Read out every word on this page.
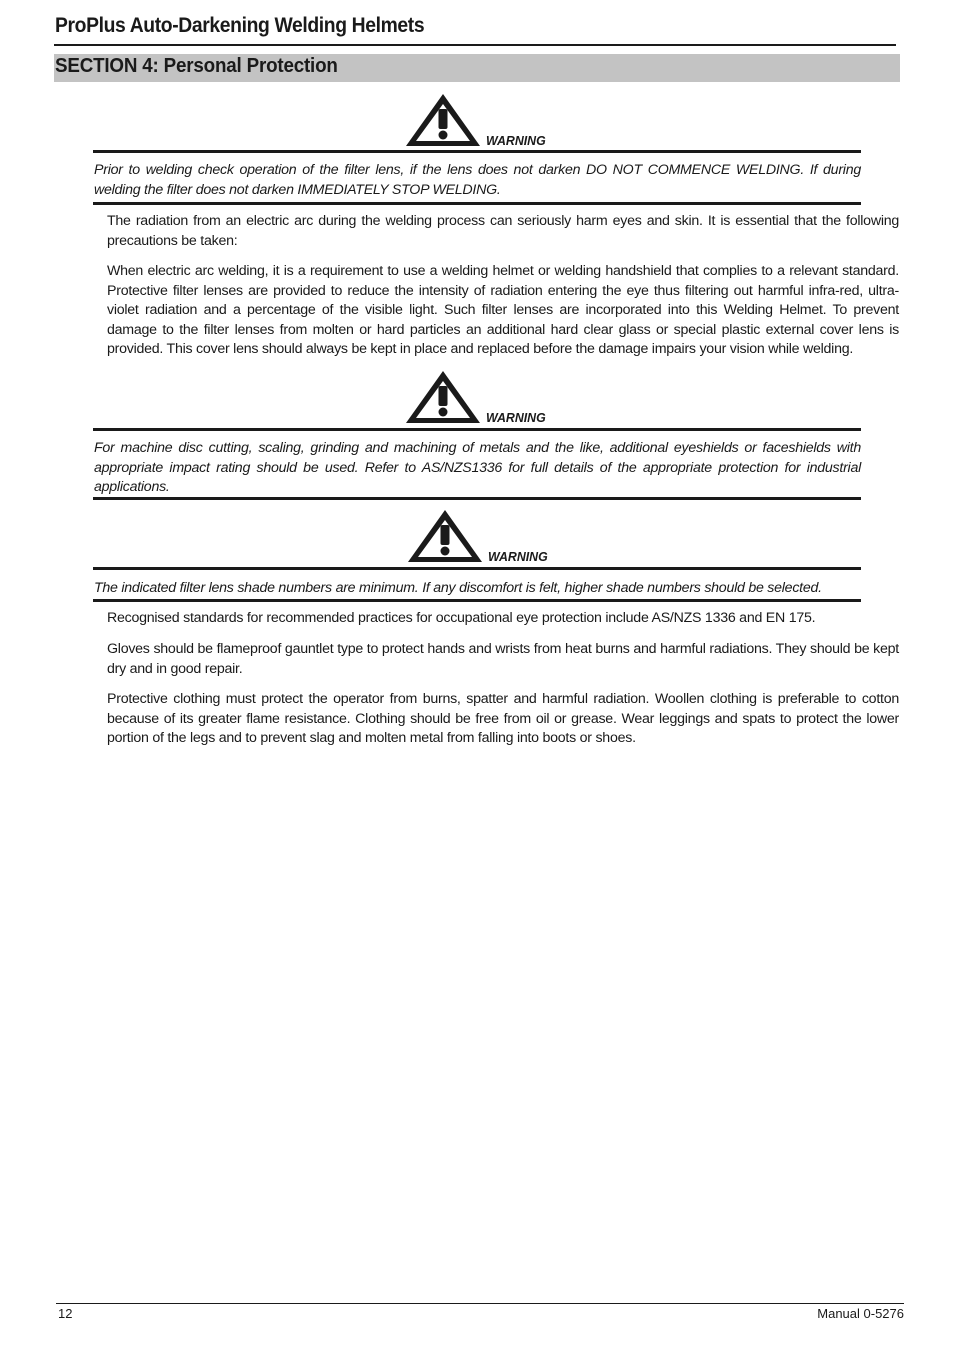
ProPlus Auto-Darkening Welding Helmets
SECTION 4: Personal Protection
WARNING
Prior to welding check operation of the filter lens, if the lens does not darken DO NOT COMMENCE WELDING. If during welding the filter does not darken IMMEDIATELY STOP WELDING.
The radiation from an electric arc during the welding process can seriously harm eyes and skin. It is essential that the following precautions be taken:
When electric arc welding, it is a requirement to use a welding helmet or welding handshield that complies to a relevant standard. Protective filter lenses are provided to reduce the intensity of radiation entering the eye thus filtering out harmful infra-red, ultra-violet radiation and a percentage of the visible light. Such filter lenses are incorporated into this Welding Helmet. To prevent damage to the filter lenses from molten or hard particles an additional hard clear glass or special plastic external cover lens is provided. This cover lens should always be kept in place and replaced before the damage impairs your vision while welding.
WARNING
For machine disc cutting, scaling, grinding and machining of metals and the like, additional eyeshields or faceshields with appropriate impact rating should be used. Refer to AS/NZS1336 for full details of the appropriate protection for industrial applications.
WARNING
The indicated filter lens shade numbers are minimum. If any discomfort is felt, higher shade numbers should be selected.
Recognised standards for recommended practices for occupational eye protection include AS/NZS 1336 and EN 175.
Gloves should be flameproof gauntlet type to protect hands and wrists from heat burns and harmful radiations. They should be kept dry and in good repair.
Protective clothing must protect the operator from burns, spatter and harmful radiation. Woollen clothing is preferable to cotton because of its greater flame resistance. Clothing should be free from oil or grease. Wear leggings and spats to protect the lower portion of the legs and to prevent slag and molten metal from falling into boots or shoes.
12	Manual 0-5276
